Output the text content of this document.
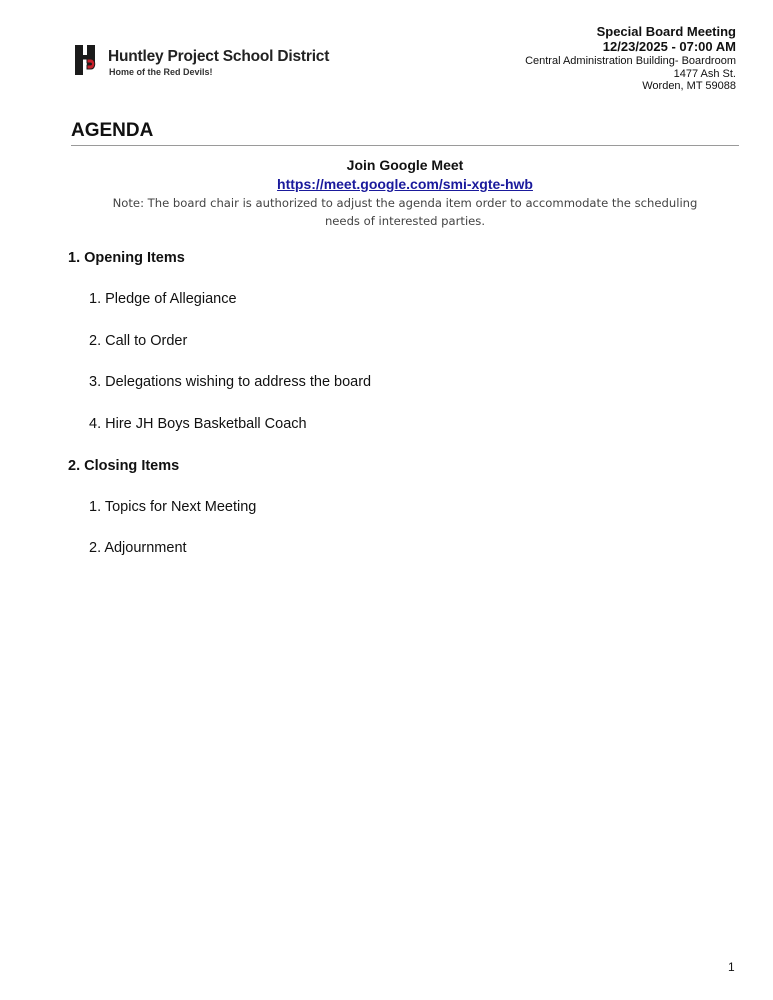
Huntley Project School District
Home of the Red Devils!
Special Board Meeting
12/23/2025 - 07:00 AM
Central Administration Building- Boardroom
1477 Ash St.
Worden, MT 59088
AGENDA
Join Google Meet
https://meet.google.com/smi-xgte-hwb
Note: The board chair is authorized to adjust the agenda item order to accommodate the scheduling needs of interested parties.
1. Opening Items
1. Pledge of Allegiance
2. Call to Order
3. Delegations wishing to address the board
4. Hire JH Boys Basketball Coach
2. Closing Items
1. Topics for Next Meeting
2. Adjournment
1
